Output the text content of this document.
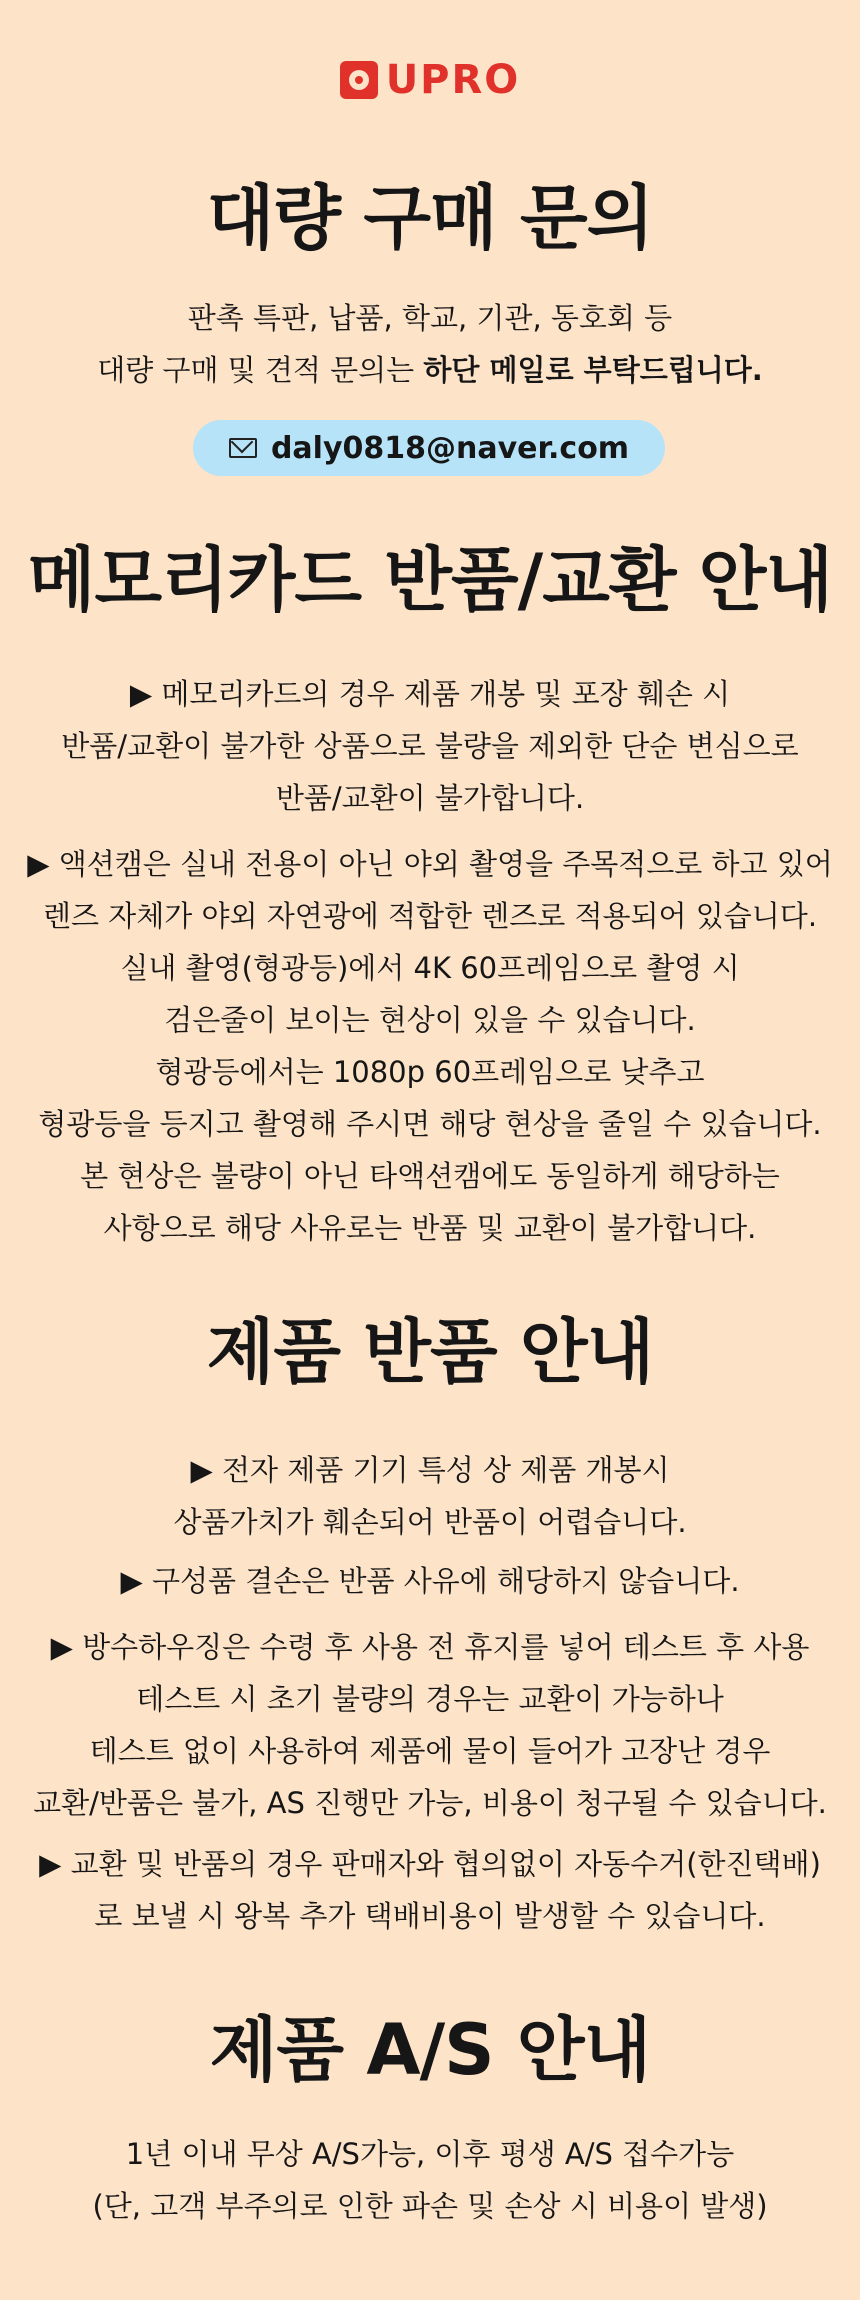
UPRO
대량 구매 문의

판촉 특판, 납품, 학교, 기관, 동호회 등

대량 구매 및 견적 문의는 하단 메일로 부탁드립니다.

daly0818@naver.com
메모리카드 반품/교환 안내

▶ 메모리카드의 경우 제품 개봉 및 포장 훼손 시

반품/교환이 불가한 상품으로 불량을 제외한 단순 변심으로

반품/교환이 불가합니다.

▶ 액션캠은 실내 전용이 아닌 야외 촬영을 주목적으로 하고 있어

렌즈 자체가 야외 자연광에 적합한 렌즈로 적용되어 있습니다.

실내 촬영(형광등)에서 4K 60프레임으로 촬영 시

검은줄이 보이는 현상이 있을 수 있습니다.

형광등에서는 1080p 60프레임으로 낮추고

형광등을 등지고 촬영해 주시면 해당 현상을 줄일 수 있습니다.

본 현상은 불량이 아닌 타액션캠에도 동일하게 해당하는

사항으로 해당 사유로는 반품 및 교환이 불가합니다.

제품 반품 안내

▶ 전자 제품 기기 특성 상 제품 개봉시

상품가치가 훼손되어 반품이 어렵습니다.

▶ 구성품 결손은 반품 사유에 해당하지 않습니다.

▶ 방수하우징은 수령 후 사용 전 휴지를 넣어 테스트 후 사용

테스트 시 초기 불량의 경우는 교환이 가능하나

테스트 없이 사용하여 제품에 물이 들어가 고장난 경우

교환/반품은 불가, AS 진행만 가능, 비용이 청구될 수 있습니다.

▶ 교환 및 반품의 경우 판매자와 협의없이 자동수거(한진택배)

로 보낼 시 왕복 추가 택배비용이 발생할 수 있습니다.

제품 A/S 안내

1년 이내 무상 A/S가능, 이후 평생 A/S 접수가능

(단, 고객 부주의로 인한 파손 및 손상 시 비용이 발생)
